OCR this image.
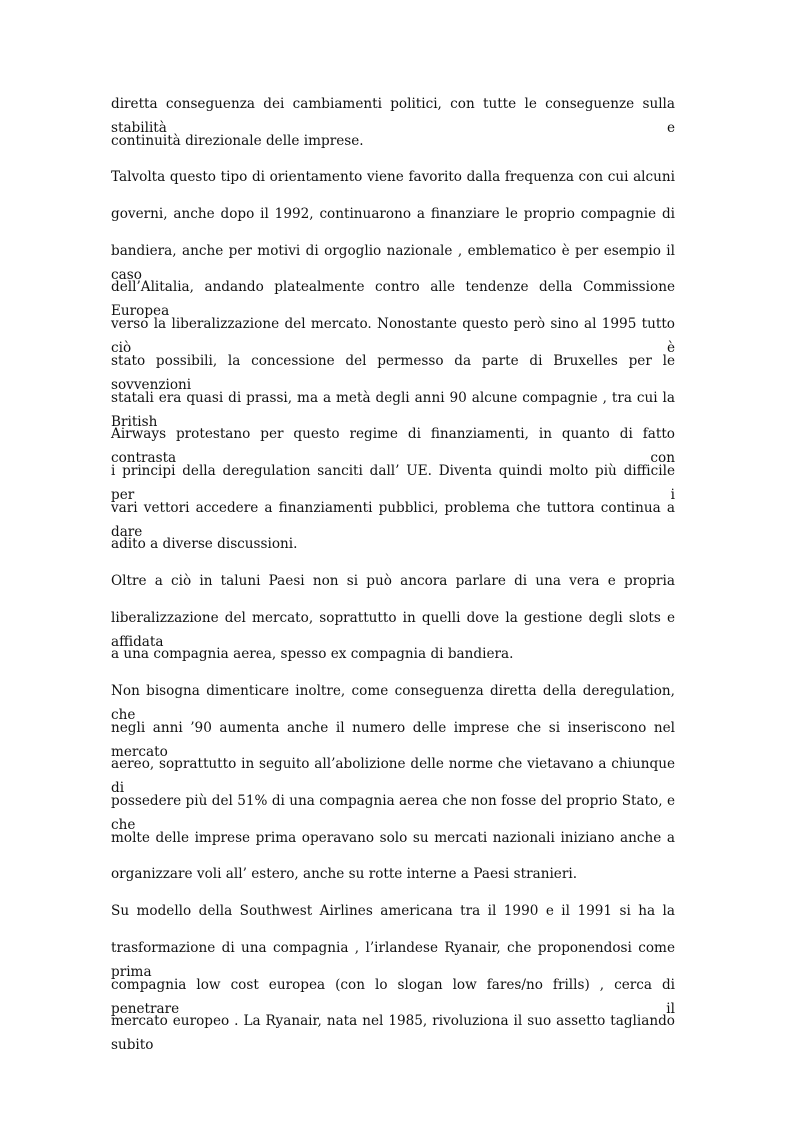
diretta conseguenza dei cambiamenti politici, con tutte le conseguenze sulla stabilità e
continuità direzionale delle imprese.
Talvolta questo tipo di orientamento viene favorito dalla frequenza con cui alcuni
governi, anche dopo il 1992, continuarono a finanziare le proprio compagnie di
bandiera, anche per motivi di orgoglio nazionale , emblematico è per esempio il caso
dell’Alitalia, andando platealmente contro alle tendenze della Commissione Europea
verso la liberalizzazione del mercato. Nonostante questo però sino al 1995 tutto ciò è
stato possibili, la concessione del permesso da parte di Bruxelles per le sovvenzioni
statali era quasi di prassi, ma a metà degli anni 90 alcune compagnie , tra cui la British
Airways protestano per questo regime di finanziamenti, in quanto di fatto contrasta con
i principi della deregulation sanciti dall’ UE. Diventa quindi molto più difficile per i
vari vettori accedere a finanziamenti pubblici, problema che tuttora continua a dare
adito a diverse discussioni.
Oltre a ciò in taluni Paesi non si può ancora parlare di una vera e propria
liberalizzazione del mercato, soprattutto in quelli dove la gestione degli slots e affidata
a una compagnia aerea, spesso ex compagnia di bandiera.
Non bisogna dimenticare inoltre, come conseguenza diretta della deregulation, che
negli anni ’90 aumenta anche il numero delle imprese che si inseriscono nel mercato
aereo, soprattutto in seguito all’abolizione delle norme che vietavano a chiunque di
possedere più del 51% di una compagnia aerea che non fosse del proprio Stato, e che
molte delle imprese prima operavano solo su mercati nazionali iniziano anche a
organizzare voli all’ estero, anche su rotte interne a Paesi stranieri.
Su modello della Southwest Airlines americana tra il 1990 e il 1991 si ha la
trasformazione di una compagnia , l’irlandese Ryanair, che proponendosi come prima
compagnia low cost europea (con lo slogan low fares/no frills) , cerca di penetrare il
mercato europeo . La Ryanair, nata nel 1985, rivoluziona il suo assetto tagliando subito
